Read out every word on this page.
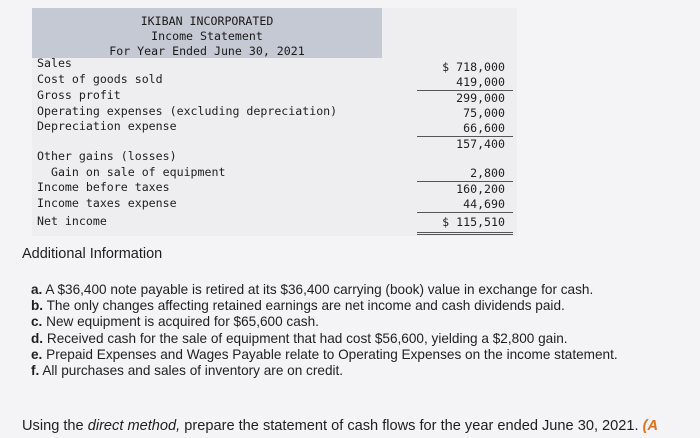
IKIBAN INCORPORATED
Income Statement
For Year Ended June 30, 2021
Sales
Cost of goods sold
Gross profit
Operating expenses (excluding depreciation)
Depreciation expense
Other gains (losses)
Gain on sale of equipment
Income before taxes
Income taxes expense
Net income
$ 718,000
419,000
299,000
75,000
66,600
157,400
2,800
160,200
44,690
$ 115,510
Additional Information
a. A $36,400 note payable is retired at its $36,400 carrying (book) value in exchange for cash.
b. The only changes affecting retained earnings are net income and cash dividends paid.
c. New equipment is acquired for $65,600 cash.
d. Received cash for the sale of equipment that had cost $56,600, yielding a $2,800 gain.
e. Prepaid Expenses and Wages Payable relate to Operating Expenses on the income statement.
f. All purchases and sales of inventory are on credit.
Using the direct method, prepare the statement of cash flows for the year ended June 30, 2021. (A
